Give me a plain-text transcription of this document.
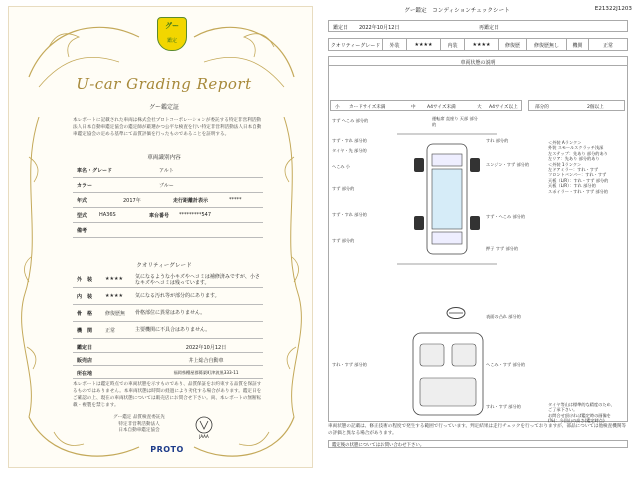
グー
鑑定
U-car Grading Report
グー鑑定証
本レポートに記載された車両は株式会社プロトコーポレーションが委託する特定非営利活動法人日本自動車鑑定協会の鑑定師が厳選かつ公平な検査を行い特定非営利活動法人日本自動車鑑定協会の定める基準にて品質評価を行ったものであることを証明する。
車両識別内容
車名・グレード	アルト
カラー	ブルー
年式	2017年	走行距離計表示	*****
型式 HA36S	車台番号 *********547
備考
クオリティーグレード
外　装	★★★★ 気になるような小キズやヘコミは補修済みですが、小さなキズやヘコミは残っています。
内　装	★★★★ 気になる汚れ等が部分的にあります。
骨　格	修復歴無 骨格部位に異常はありません。
機　関	正常	主要機関に不具合はありません。
鑑定日	2022年10月12日
販売店	井上総合自動車
所在地	福岡県糟屋郡篠栗町津波黒333-11
本レポートは鑑定時点での車両状態を示すものであり、品質保証をお約束する品質を保証するものではありません。本車両状態は時間の経過により劣化する場合があります。鑑定日をご確認の上、現在の車両状態については販売店にお問合せ下さい。尚、本レポートの無断転載・複製を禁じます。
グー鑑定 品質検査委託先
特定非営利活動法人
日本自動車鑑定協会
JAAA
PROTO
グー鑑定　コンディションチェックシート	E21322J1203
鑑定日 2022年10月12日	再鑑定日
クオリティーグレード	外装	★★★★	内装	★★★★	修復歴	修復歴無し	機関	正常
車両状態の説明
小 カードサイズ未満	中 A4サイズ未満	大 A4サイズ以上	部分的	2個以上
すず へこみ 部分的	運転席 直座り 天部 部分的
すず・すれ 部分的	すれ 部分的
タイヤ・先 部分的
エンジン・すず 部分的
へこみ 小
すず 部分的
すず・すれ 部分的	すず・へこみ 部分的
押子 すず 部分的
すず 部分的
表面の凸れ 部分的
すれ・すず 部分的	へこみ・すず 部分的
すれ・すず 部分的
＜外装 Aランク＞
外装 スモールスクラッチ浅深
左ステップ：先あり 部分的あり
左リア：先あり 部分的あり
＜外装 1ランク＞
左ドアミラー：すれ・すず
フロントバンパー：すれ・すず
天板（L/R）：すれ・すず 部分的
天板（L/R）：すれ 部分的
スポイラー・すれ・すず 部分的
タイヤ等山は標準的な精度のため、
ご了承下さい。
お問合せ頂ければ鑑定時の画像を
(%)：今回山の高さ(鑑定時点)
車両状態の記載は、修正技術の程度で発生する範囲で行っています。判定結果は走行チェックを行っておりますが、部品については他検査機関等の評価と異なる場合があります。
鑑定後の状態についてはお問い合わせ下さい。
